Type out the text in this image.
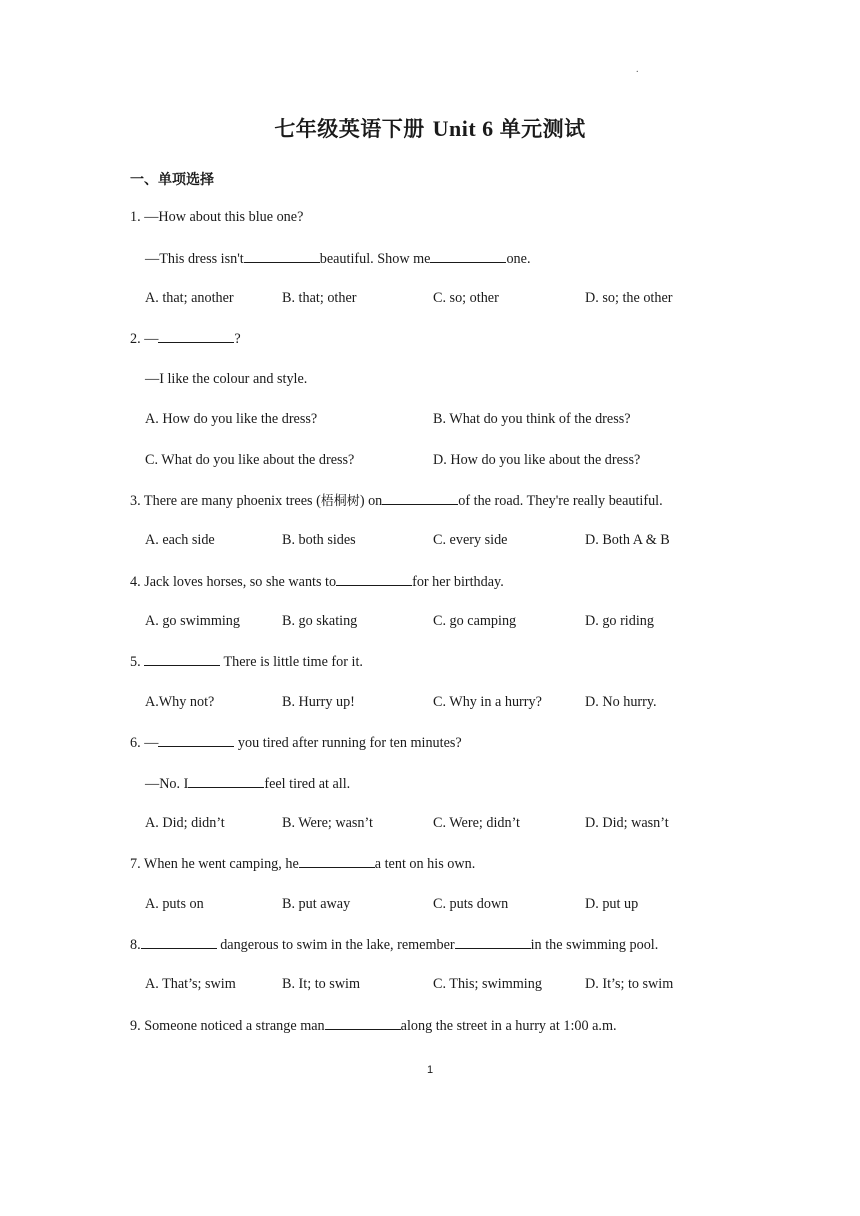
.
七年级英语下册 Unit 6 单元测试
一、单项选择
1. —How about this blue one?
—This dress isn't	beautiful. Show me	one.
A. that; another	B. that; other	C. so; other	D. so; the other
2. —	?
—I like the colour and style.
A. How do you like the dress?	B. What do you think of the dress?
C. What do you like about the dress?	D. How do you like about the dress?
3. There are many phoenix trees (梧桐树) on	of the road. They're really beautiful.
A. each side	B. both sides	C. every side	D. Both A & B
4. Jack loves horses, so she wants to	for her birthday.
A. go swimming	B. go skating	C. go camping	D. go riding
5.	There is little time for it.
A.Why not?	B. Hurry up!	C. Why in a hurry?	D. No hurry.
6. —	you tired after running for ten minutes?
—No. I	feel tired at all.
A. Did; didn’t	B. Were; wasn’t	C. Were; didn’t	D. Did; wasn’t
7. When he went camping, he	a tent on his own.
A. puts on	B. put away	C. puts down	D. put up
8.	dangerous to swim in the lake, remember	in the swimming pool.
A. That’s; swim	B. It; to swim	C. This; swimming	D. It’s; to swim
9. Someone noticed a strange man	along the street in a hurry at 1:00 a.m.
1
